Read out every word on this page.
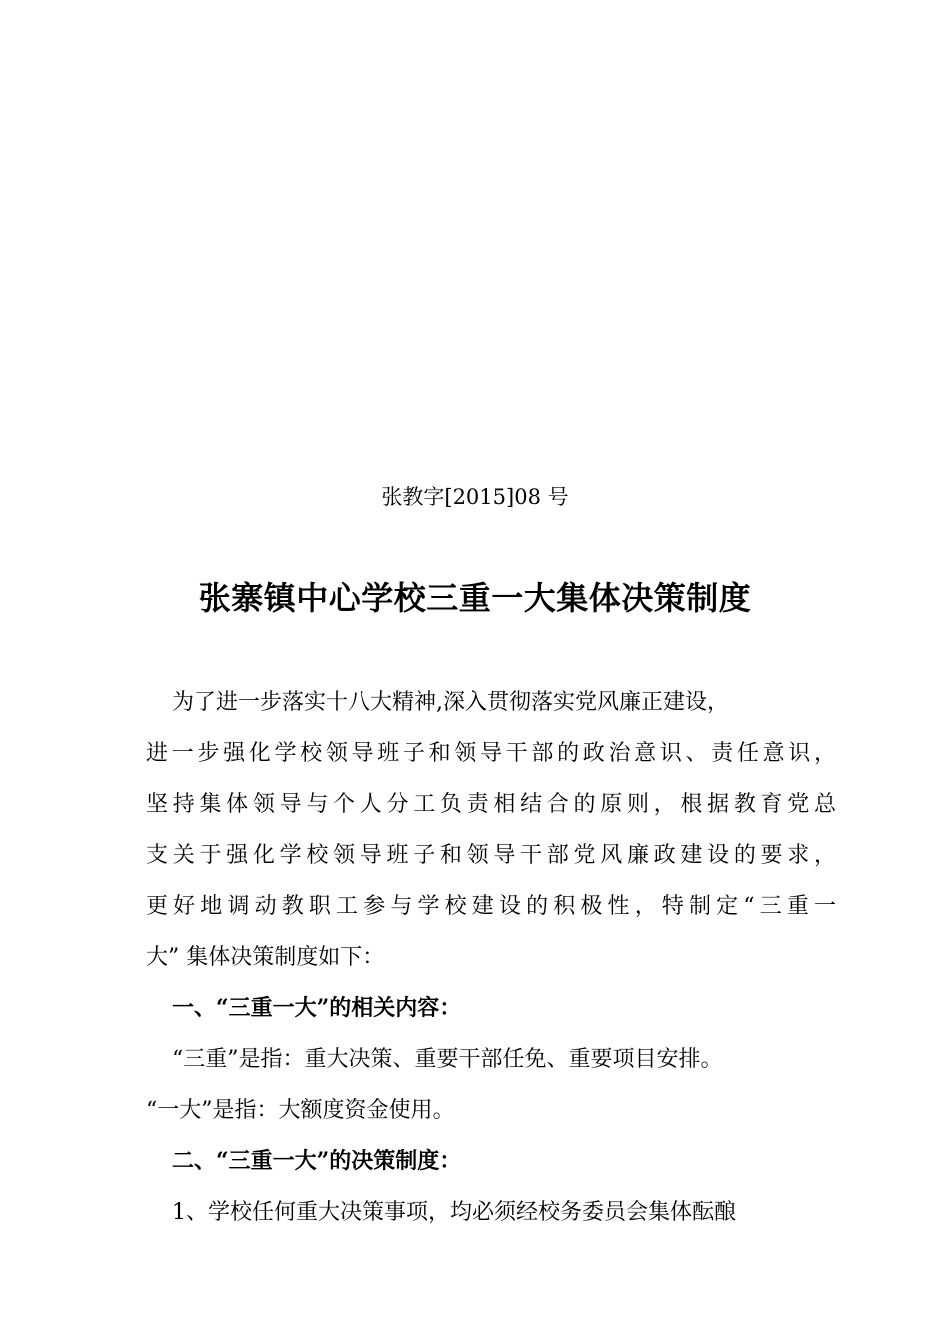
张教字[2015]08 号
张寨镇中心学校三重一大集体决策制度
为了进一步落实十八大精神,深入贯彻落实党风廉正建设，
进一步强化学校领导班子和领导干部的政治意识、责任意识，
坚持集体领导与个人分工负责相结合的原则，根据教育党总
支关于强化学校领导班子和领导干部党风廉政建设的要求，
更好地调动教职工参与学校建设的积极性，特制定“三重一
大” 集体决策制度如下：
一、“三重一大”的相关内容：
“三重”是指：重大决策、重要干部任免、重要项目安排。
“一大”是指：大额度资金使用。
二、“三重一大”的决策制度：
1、学校任何重大决策事项，均必须经校务委员会集体酝酿
